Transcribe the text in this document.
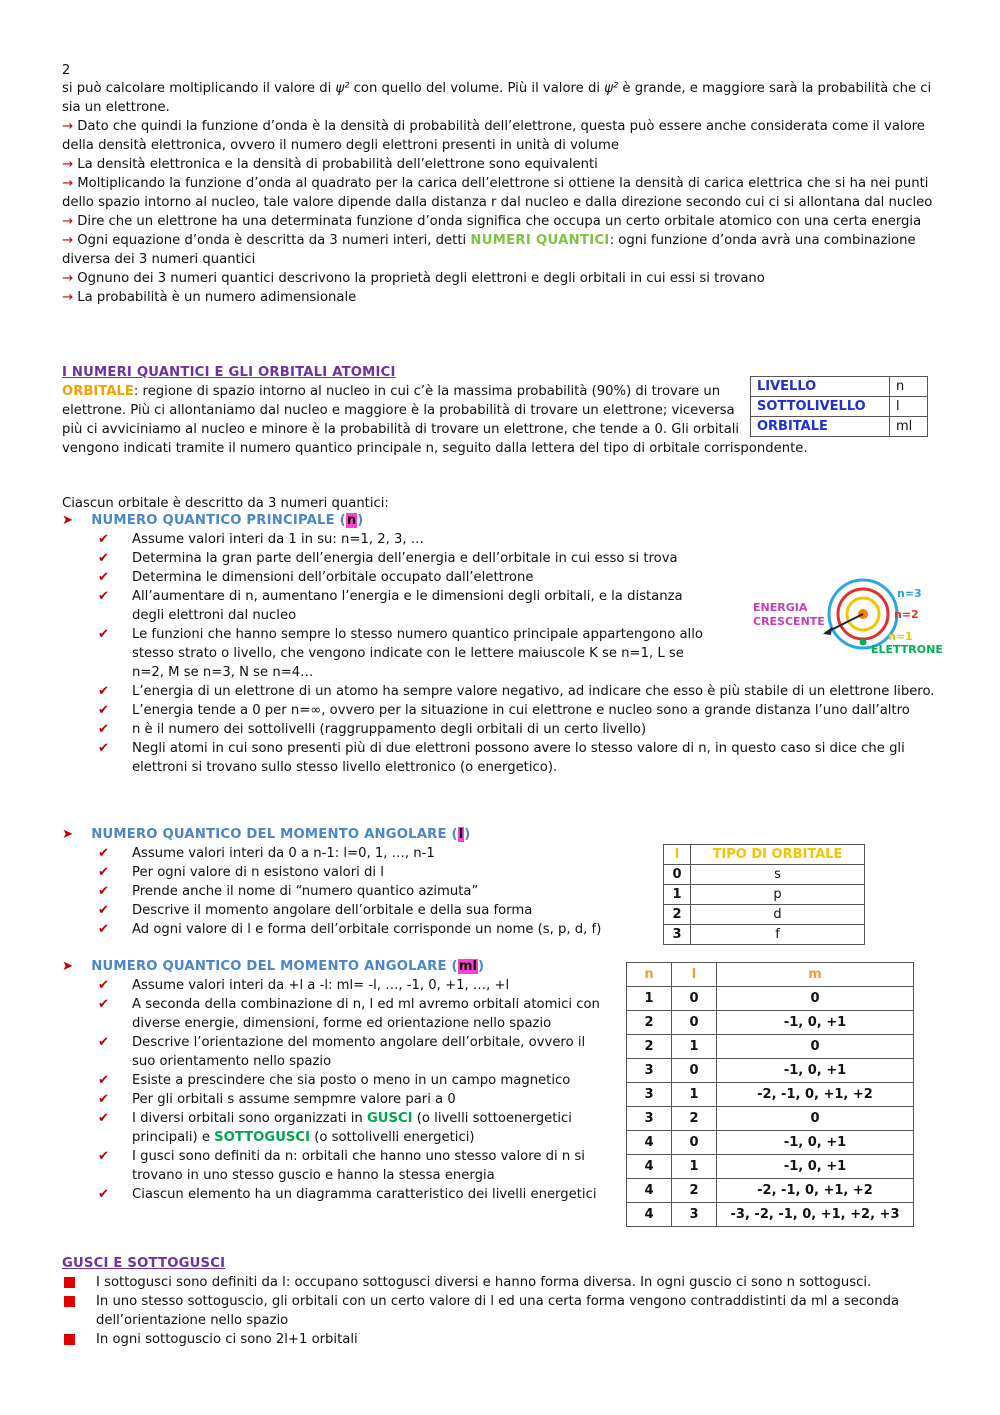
2

si può calcolare moltiplicando il valore di ψ² con quello del volume. Più il valore di ψ² è grande, e maggiore sarà la probabilità che ci sia un elettrone.

→ Dato che quindi la funzione d’onda è la densità di probabilità dell’elettrone, questa può essere anche considerata come il valore della densità elettronica, ovvero il numero degli elettroni presenti in unità di volume

→ La densità elettronica e la densità di probabilità dell’elettrone sono equivalenti

→ Moltiplicando la funzione d’onda al quadrato per la carica dell’elettrone si ottiene la densità di carica elettrica che si ha nei punti dello spazio intorno al nucleo, tale valore dipende dalla distanza r dal nucleo e dalla direzione secondo cui ci si allontana dal nucleo

→ Dire che un elettrone ha una determinata funzione d’onda significa che occupa un certo orbitale atomico con una certa energia

→ Ogni equazione d’onda è descritta da 3 numeri interi, detti NUMERI QUANTICI: ogni funzione d’onda avrà una combinazione diversa dei 3 numeri quantici

→ Ognuno dei 3 numeri quantici descrivono la proprietà degli elettroni e degli orbitali in cui essi si trovano

→ La probabilità è un numero adimensionale

I NUMERI QUANTICI E GLI ORBITALI ATOMICI
LIVELLO	n
SOTTOLIVELLO	l
ORBITALE	ml
ORBITALE: regione di spazio intorno al nucleo in cui c’è la massima probabilità (90%) di trovare un elettrone. Più ci allontaniamo dal nucleo e maggiore è la probabilità di trovare un elettrone; viceversa più ci avviciniamo al nucleo e minore è la probabilità di trovare un elettrone, che tende a 0. Gli orbitali vengono indicati tramite il numero quantico principale n, seguito dalla lettera del tipo di orbitale corrispondente.
Ciascun orbitale è descritto da 3 numeri quantici:
➤ NUMERO QUANTICO PRINCIPALE (n)
✔ Assume valori interi da 1 in su: n=1, 2, 3, …
✔ Determina la gran parte dell’energia dell’energia e dell’orbitale in cui esso si trova
✔ Determina le dimensioni dell’orbitale occupato dall’elettrone
✔ All’aumentare di n, aumentano l’energia e le dimensioni degli orbitali, e la distanza degli elettroni dal nucleo
✔ Le funzioni che hanno sempre lo stesso numero quantico principale appartengono allo stesso strato o livello, che vengono indicate con le lettere maiuscole K se n=1, L se n=2, M se n=3, N se n=4…
✔ L’energia di un elettrone di un atomo ha sempre valore negativo, ad indicare che esso è più stabile di un elettrone libero.
✔ L’energia tende a 0 per n=∞, ovvero per la situazione in cui elettrone e nucleo sono a grande distanza l’uno dall’altro
✔ n è il numero dei sottolivelli (raggruppamento degli orbitali di un certo livello)
✔ Negli atomi in cui sono presenti più di due elettroni possono avere lo stesso valore di n, in questo caso si dice che gli elettroni si trovano sullo stesso livello elettronico (o energetico).
ENERGIA
CRESCENTE
n=3
n=2
n=1
ELETTRONE
➤ NUMERO QUANTICO DEL MOMENTO ANGOLARE (l)
✔ Assume valori interi da 0 a n-1: l=0, 1, …, n-1
✔ Per ogni valore di n esistono valori di l
✔ Prende anche il nome di “numero quantico azimuta”
✔ Descrive il momento angolare dell’orbitale e della sua forma
✔ Ad ogni valore di l e forma dell’orbitale corrisponde un nome (s, p, d, f)
l	TIPO DI ORBITALE
0	s
1	p
2	d
3	f
➤ NUMERO QUANTICO DEL MOMENTO ANGOLARE (ml)
✔ Assume valori interi da +l a -l: ml= -l, …, -1, 0, +1, …, +l
✔ A seconda della combinazione di n, l ed ml avremo orbitali atomici con diverse energie, dimensioni, forme ed orientazione nello spazio
✔ Descrive l’orientazione del momento angolare dell’orbitale, ovvero il suo orientamento nello spazio
✔ Esiste a prescindere che sia posto o meno in un campo magnetico
✔ Per gli orbitali s assume sempmre valore pari a 0
✔ I diversi orbitali sono organizzati in GUSCI (o livelli sottoenergetici principali) e SOTTOGUSCI (o sottolivelli energetici)
✔ I gusci sono definiti da n: orbitali che hanno uno stesso valore di n si trovano in uno stesso guscio e hanno la stessa energia
✔ Ciascun elemento ha un diagramma caratteristico dei livelli energetici
n	l	m
1	0	0
2	0	-1, 0, +1
2	1	0
3	0	-1, 0, +1
3	1	-2, -1, 0, +1, +2
3	2	0
4	0	-1, 0, +1
4	1	-1, 0, +1
4	2	-2, -1, 0, +1, +2
4	3	-3, -2, -1, 0, +1, +2, +3
GUSCI E SOTTOGUSCI
I sottogusci sono definiti da l: occupano sottogusci diversi e hanno forma diversa. In ogni guscio ci sono n sottogusci.
In uno stesso sottoguscio, gli orbitali con un certo valore di l ed una certa forma vengono contraddistinti da ml a seconda dell’orientazione nello spazio
In ogni sottoguscio ci sono 2l+1 orbitali
